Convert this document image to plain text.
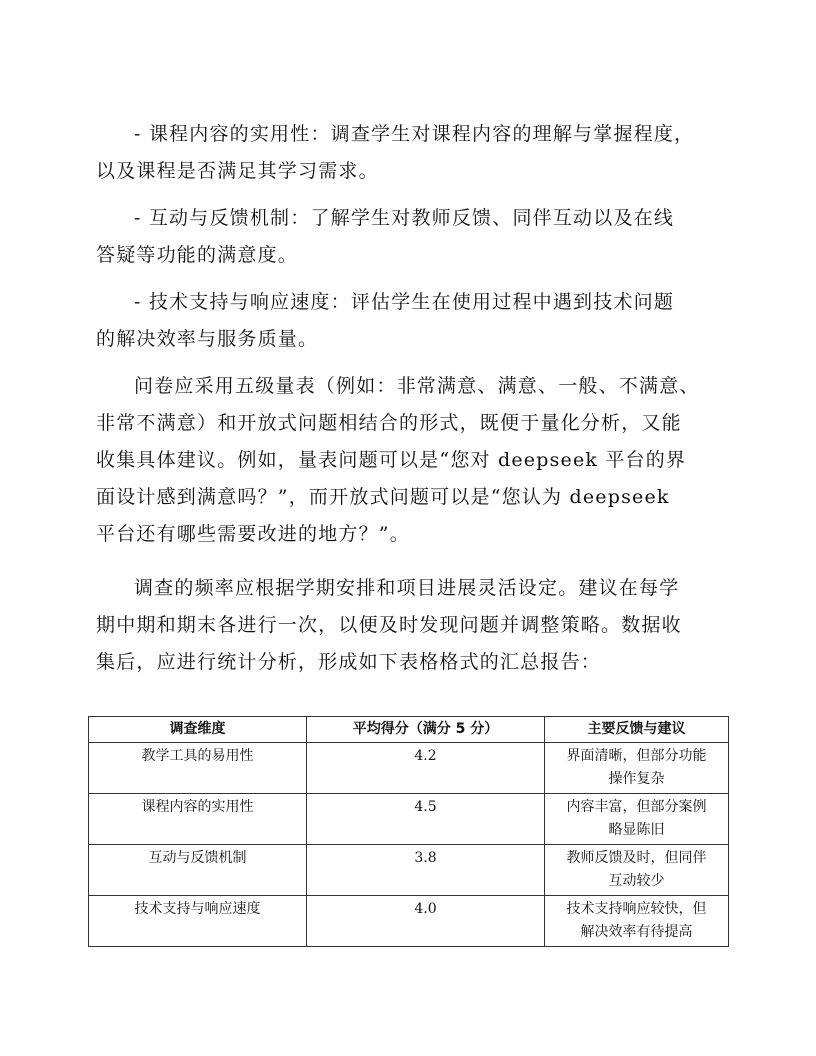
- 课程内容的实用性：调查学生对课程内容的理解与掌握程度，
以及课程是否满足其学习需求。

- 互动与反馈机制：了解学生对教师反馈、同伴互动以及在线
答疑等功能的满意度。

- 技术支持与响应速度：评估学生在使用过程中遇到技术问题
的解决效率与服务质量。

问卷应采用五级量表（例如：非常满意、满意、一般、不满意、
非常不满意）和开放式问题相结合的形式，既便于量化分析，又能
收集具体建议。例如，量表问题可以是“您对 deepseek 平台的界
面设计感到满意吗？”，而开放式问题可以是“您认为 deepseek
平台还有哪些需要改进的地方？”。

调查的频率应根据学期安排和项目进展灵活设定。建议在每学
期中期和期末各进行一次，以便及时发现问题并调整策略。数据收
集后，应进行统计分析，形成如下表格格式的汇总报告：

调查维度	平均得分（满分 5 分）	主要反馈与建议
教学工具的易用性	4.2	界面清晰，但部分功能
操作复杂

课程内容的实用性	4.5	内容丰富，但部分案例
略显陈旧

互动与反馈机制	3.8	教师反馈及时，但同伴
互动较少

技术支持与响应速度	4.0	技术支持响应较快，但
解决效率有待提高
